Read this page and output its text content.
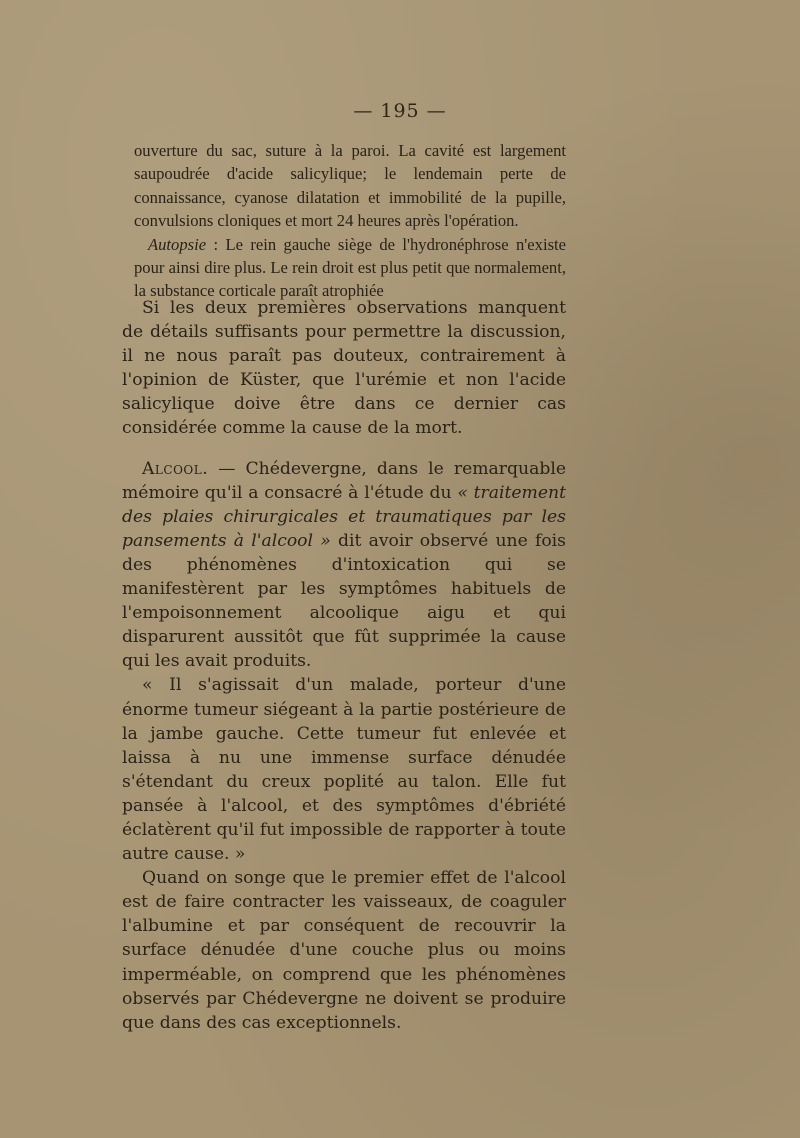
— 195 —

ouverture du sac, suture à la paroi. La cavité est largement saupoudrée d'acide salicylique; le lendemain perte de connaissance, cyanose dilatation et immobilité de la pupille, convulsions cloniques et mort 24 heures après l'opération.

Autopsie : Le rein gauche siège de l'hydronéphrose n'existe pour ainsi dire plus. Le rein droit est plus petit que normalement, la substance corticale paraît atrophiée

Si les deux premières observations manquent de détails suffisants pour permettre la discussion, il ne nous paraît pas douteux, contrairement à l'opinion de Küster, que l'urémie et non l'acide salicylique doive être dans ce dernier cas considérée comme la cause de la mort.

Alcool. — Chédevergne, dans le remarquable mémoire qu'il a consacré à l'étude du « traitement des plaies chirurgicales et traumatiques par les pansements à l'alcool » dit avoir observé une fois des phénomènes d'intoxication qui se manifestèrent par les symptômes habituels de l'empoisonnement alcoolique aigu et qui disparurent aussitôt que fût supprimée la cause qui les avait produits.

« Il s'agissait d'un malade, porteur d'une énorme tumeur siégeant à la partie postérieure de la jambe gauche. Cette tumeur fut enlevée et laissa à nu une immense surface dénudée s'étendant du creux poplité au talon. Elle fut pansée à l'alcool, et des symptômes d'ébriété éclatèrent qu'il fut impossible de rapporter à toute autre cause. »

Quand on songe que le premier effet de l'alcool est de faire contracter les vaisseaux, de coaguler l'albumine et par conséquent de recouvrir la surface dénudée d'une couche plus ou moins imperméable, on comprend que les phénomènes observés par Chédevergne ne doivent se produire que dans des cas exceptionnels.
